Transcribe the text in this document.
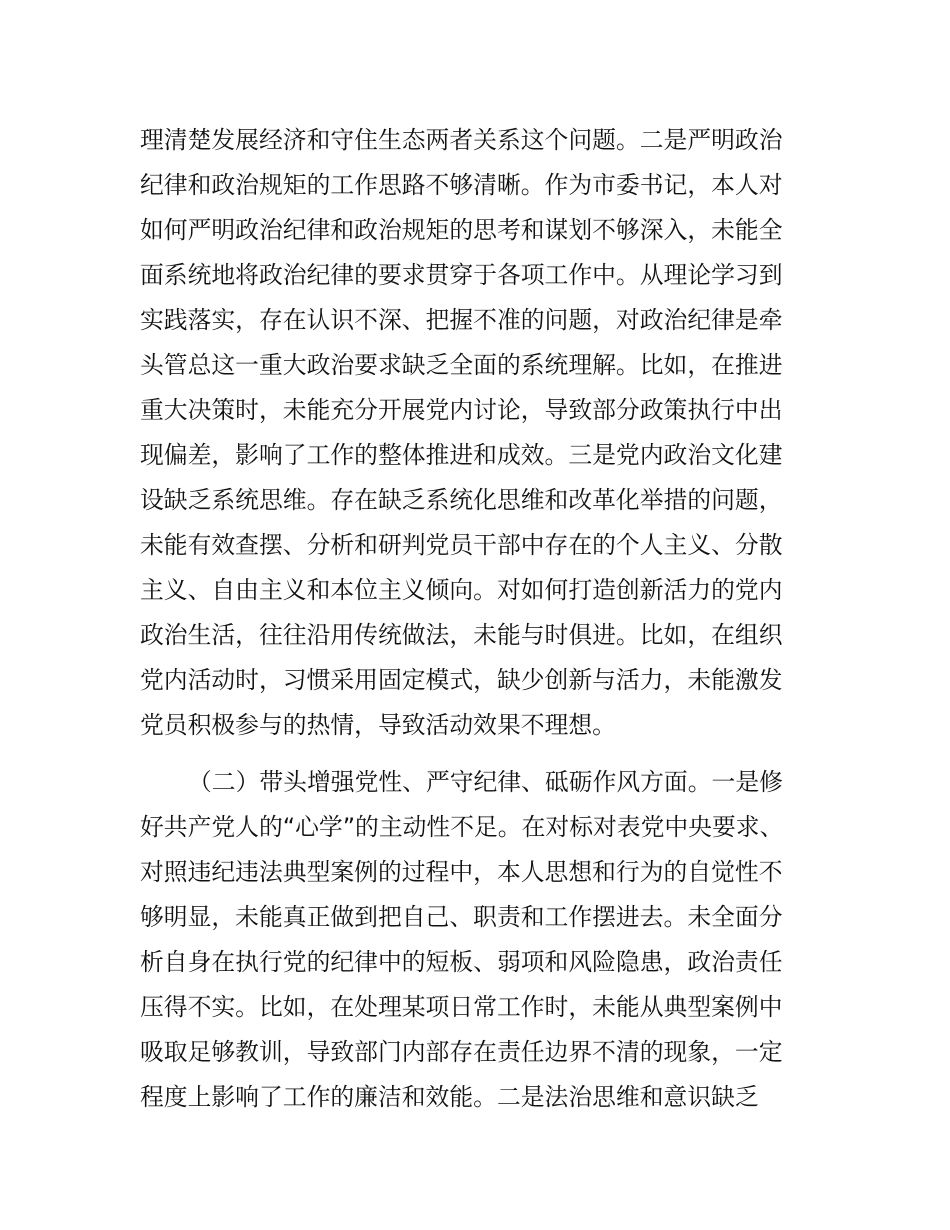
理清楚发展经济和守住生态两者关系这个问题。二是严明政治
纪律和政治规矩的工作思路不够清晰。作为市委书记，本人对
如何严明政治纪律和政治规矩的思考和谋划不够深入，未能全
面系统地将政治纪律的要求贯穿于各项工作中。从理论学习到
实践落实，存在认识不深、把握不准的问题，对政治纪律是牵
头管总这一重大政治要求缺乏全面的系统理解。比如，在推进
重大决策时，未能充分开展党内讨论，导致部分政策执行中出
现偏差，影响了工作的整体推进和成效。三是党内政治文化建
设缺乏系统思维。存在缺乏系统化思维和改革化举措的问题，
未能有效查摆、分析和研判党员干部中存在的个人主义、分散
主义、自由主义和本位主义倾向。对如何打造创新活力的党内
政治生活，往往沿用传统做法，未能与时俱进。比如，在组织
党内活动时，习惯采用固定模式，缺少创新与活力，未能激发
党员积极参与的热情，导致活动效果不理想。
（二）带头增强党性、严守纪律、砥砺作风方面。一是修
好共产党人的“心学”的主动性不足。在对标对表党中央要求、
对照违纪违法典型案例的过程中，本人思想和行为的自觉性不
够明显，未能真正做到把自己、职责和工作摆进去。未全面分
析自身在执行党的纪律中的短板、弱项和风险隐患，政治责任
压得不实。比如，在处理某项日常工作时，未能从典型案例中
吸取足够教训，导致部门内部存在责任边界不清的现象，一定
程度上影响了工作的廉洁和效能。二是法治思维和意识缺乏
